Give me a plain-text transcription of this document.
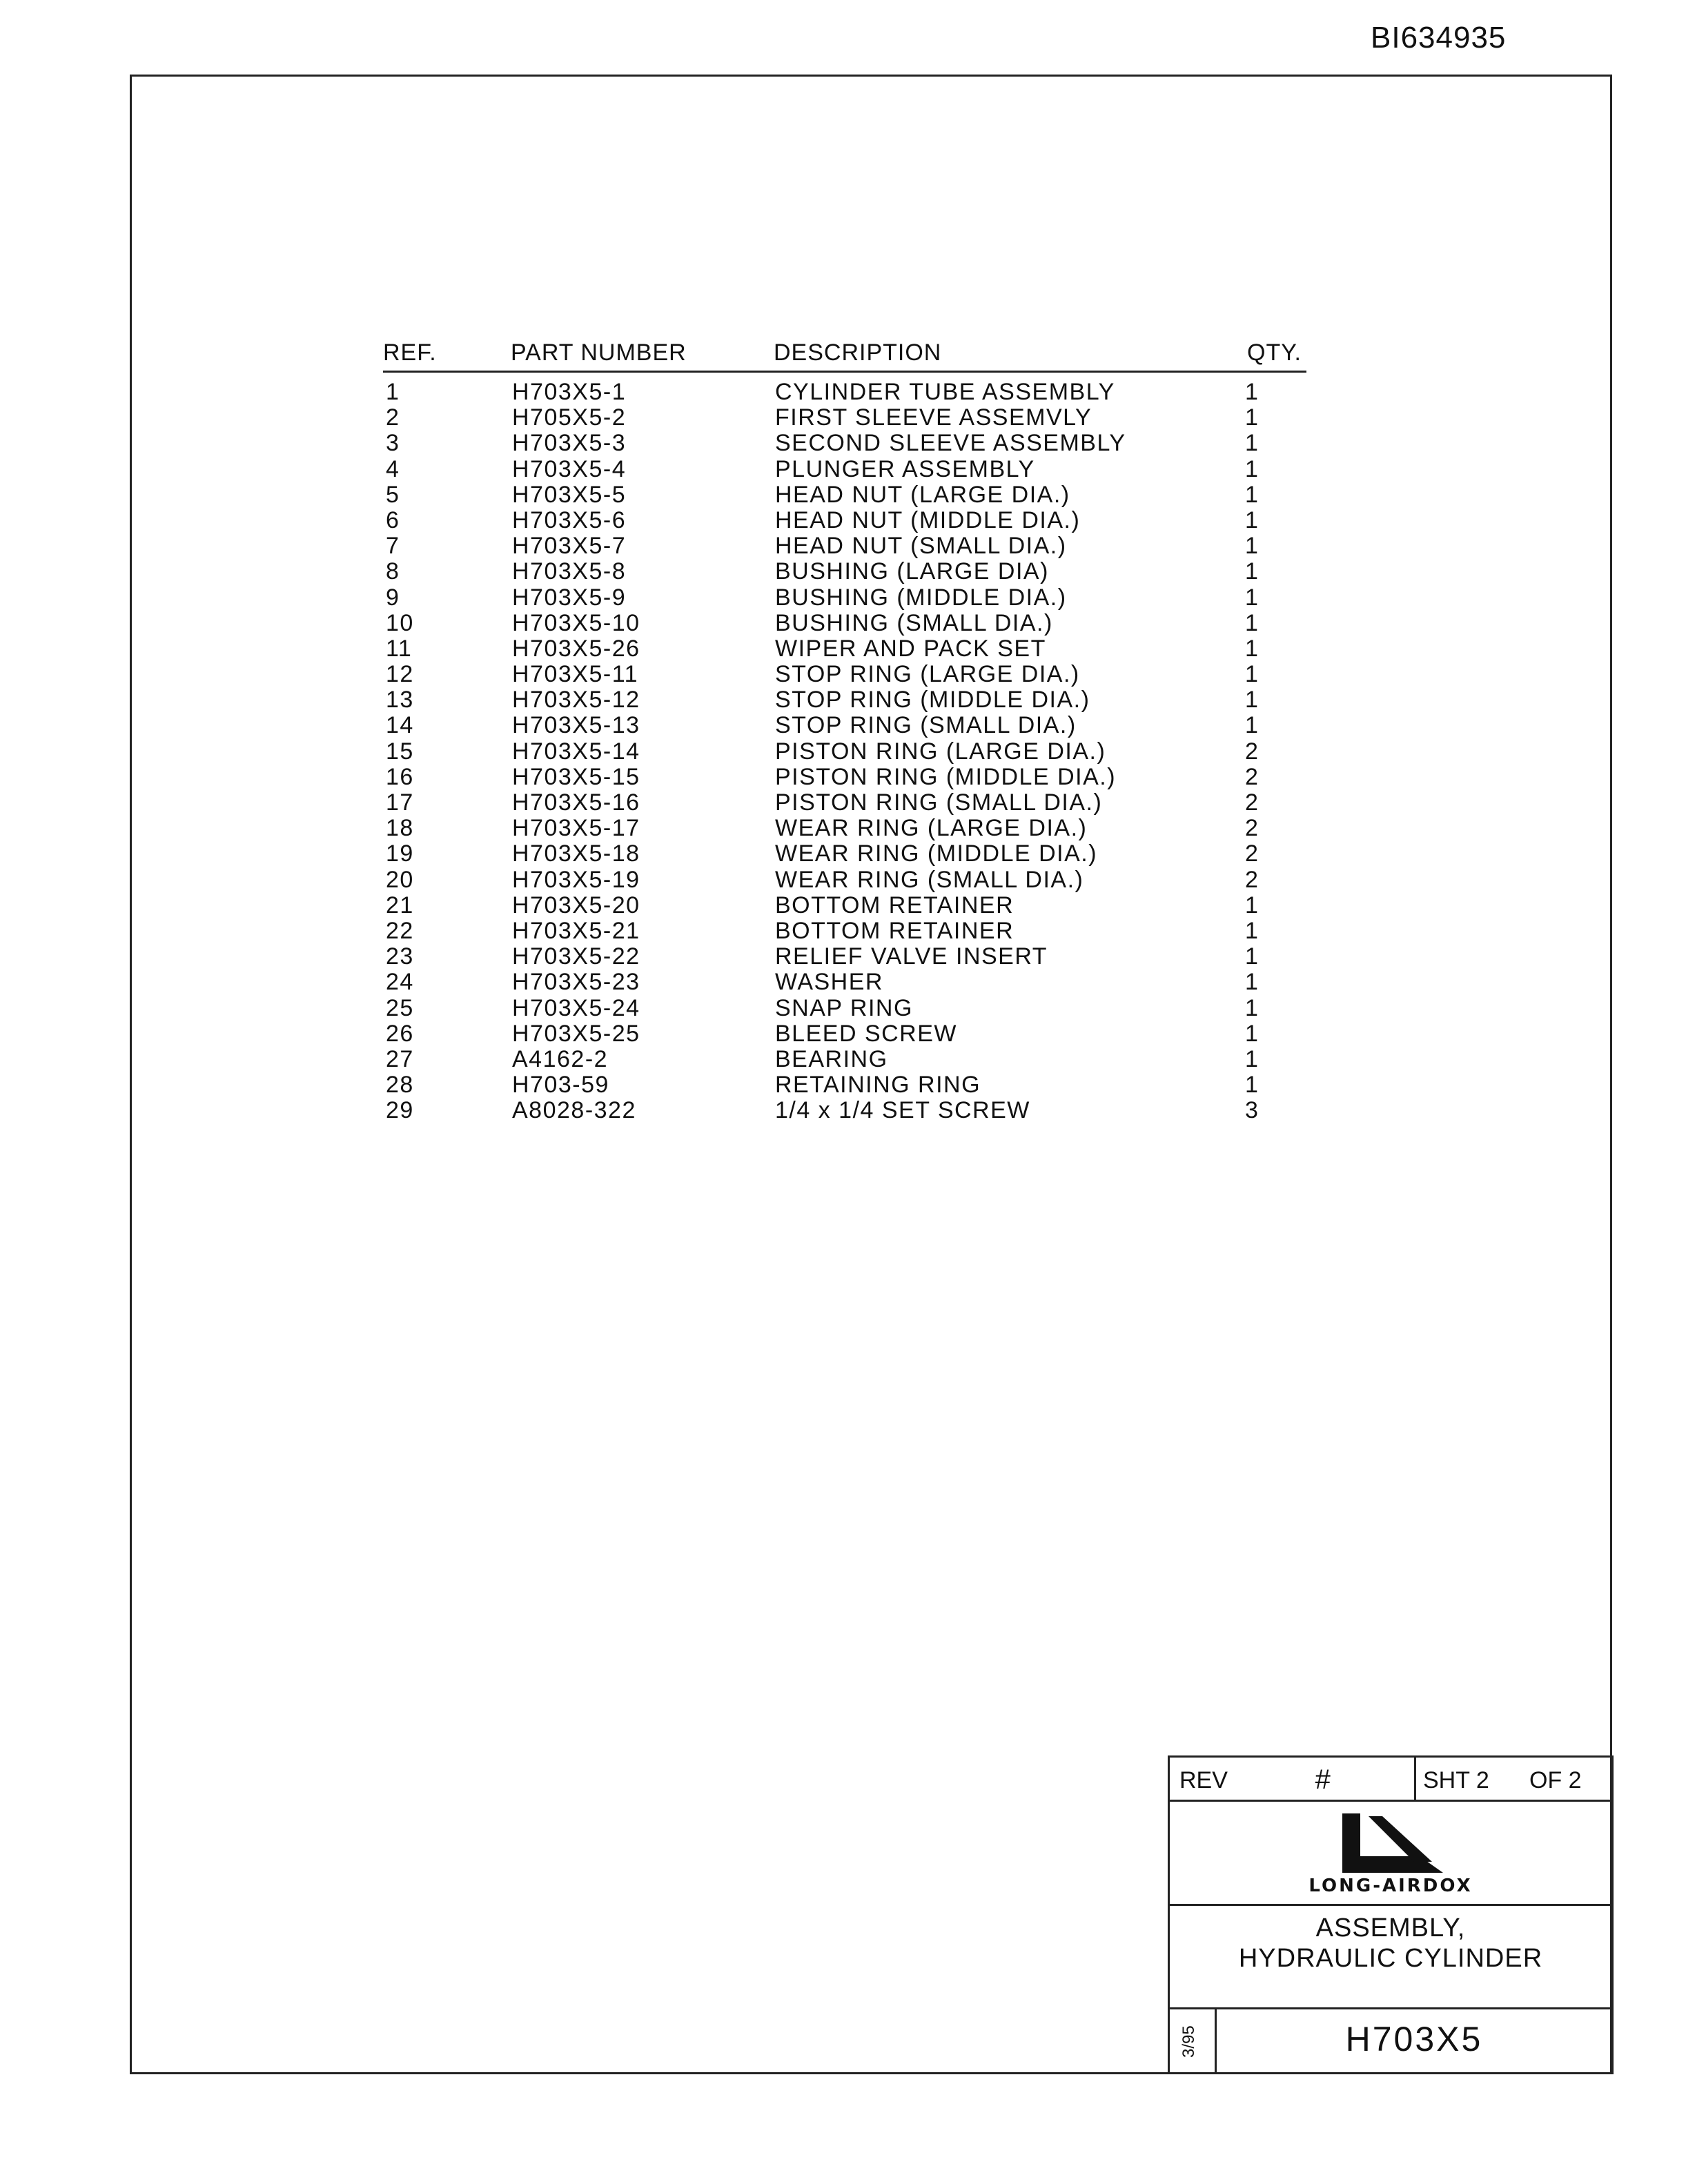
BI634935
REF.	PART NUMBER	DESCRIPTION	QTY.
1	H703X5-1	CYLINDER TUBE ASSEMBLY	1
2	H705X5-2	FIRST SLEEVE ASSEMVLY	1
3	H703X5-3	SECOND SLEEVE ASSEMBLY	1
4	H703X5-4	PLUNGER ASSEMBLY	1
5	H703X5-5	HEAD NUT (LARGE DIA.)	1
6	H703X5-6	HEAD NUT (MIDDLE DIA.)	1
7	H703X5-7	HEAD NUT (SMALL DIA.)	1
8	H703X5-8	BUSHING (LARGE DIA)	1
9	H703X5-9	BUSHING (MIDDLE DIA.)	1
10	H703X5-10	BUSHING (SMALL DIA.)	1
11	H703X5-26	WIPER AND PACK SET	1
12	H703X5-11	STOP RING (LARGE DIA.)	1
13	H703X5-12	STOP RING (MIDDLE DIA.)	1
14	H703X5-13	STOP RING (SMALL DIA.)	1
15	H703X5-14	PISTON RING (LARGE DIA.)	2
16	H703X5-15	PISTON RING (MIDDLE DIA.)	2
17	H703X5-16	PISTON RING (SMALL DIA.)	2
18	H703X5-17	WEAR RING (LARGE DIA.)	2
19	H703X5-18	WEAR RING (MIDDLE DIA.)	2
20	H703X5-19	WEAR RING (SMALL DIA.)	2
21	H703X5-20	BOTTOM RETAINER	1
22	H703X5-21	BOTTOM RETAINER	1
23	H703X5-22	RELIEF VALVE INSERT	1
24	H703X5-23	WASHER	1
25	H703X5-24	SNAP RING	1
26	H703X5-25	BLEED SCREW	1
27	A4162-2	BEARING	1
28	H703-59	RETAINING RING	1
29	A8028-322	1/4 x 1/4 SET SCREW	3
REV	#	SHT 2 OF 2
LONG-AIRDOX
ASSEMBLY,
HYDRAULIC CYLINDER
3/95	H703X5
